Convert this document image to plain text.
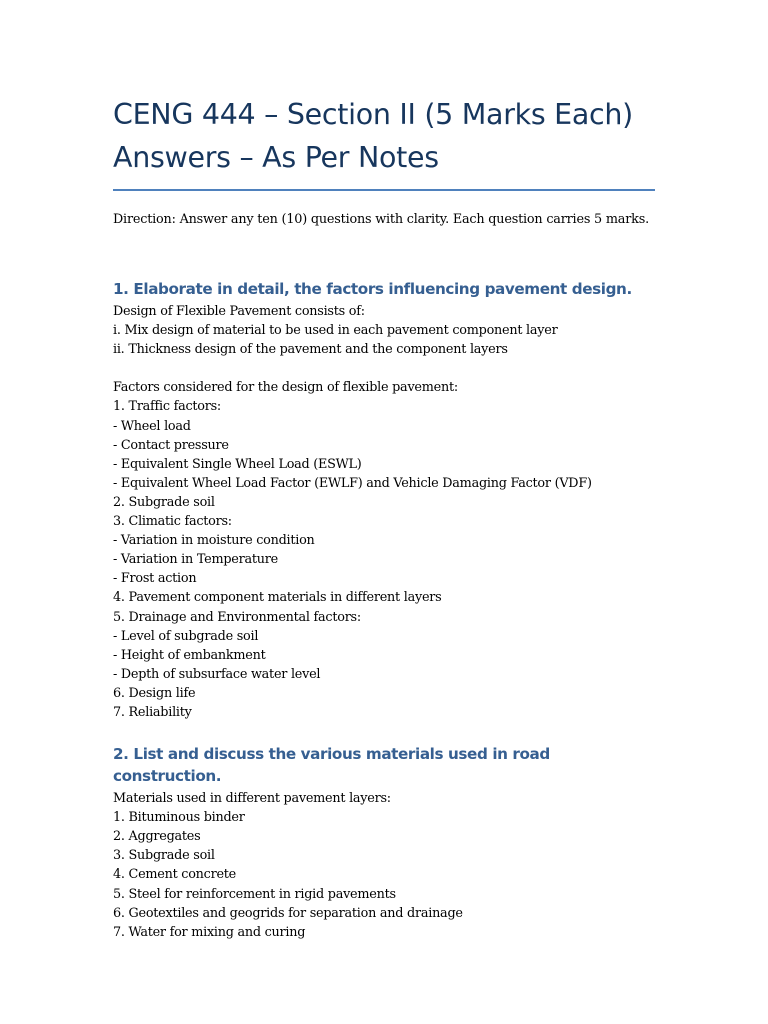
CENG 444 – Section II (5 Marks Each)
Answers – As Per Notes

Direction: Answer any ten (10) questions with clarity. Each question carries 5 marks.

1. Elaborate in detail, the factors influencing pavement design.
Design of Flexible Pavement consists of:
i. Mix design of material to be used in each pavement component layer
ii. Thickness design of the pavement and the component layers
Factors considered for the design of flexible pavement:
1. Traffic factors:
- Wheel load
- Contact pressure
- Equivalent Single Wheel Load (ESWL)
- Equivalent Wheel Load Factor (EWLF) and Vehicle Damaging Factor (VDF)
2. Subgrade soil
3. Climatic factors:
- Variation in moisture condition
- Variation in Temperature
- Frost action
4. Pavement component materials in different layers
5. Drainage and Environmental factors:
- Level of subgrade soil
- Height of embankment
- Depth of subsurface water level
6. Design life
7. Reliability
2. List and discuss the various materials used in road construction.
Materials used in different pavement layers:
1. Bituminous binder
2. Aggregates
3. Subgrade soil
4. Cement concrete
5. Steel for reinforcement in rigid pavements
6. Geotextiles and geogrids for separation and drainage
7. Water for mixing and curing
